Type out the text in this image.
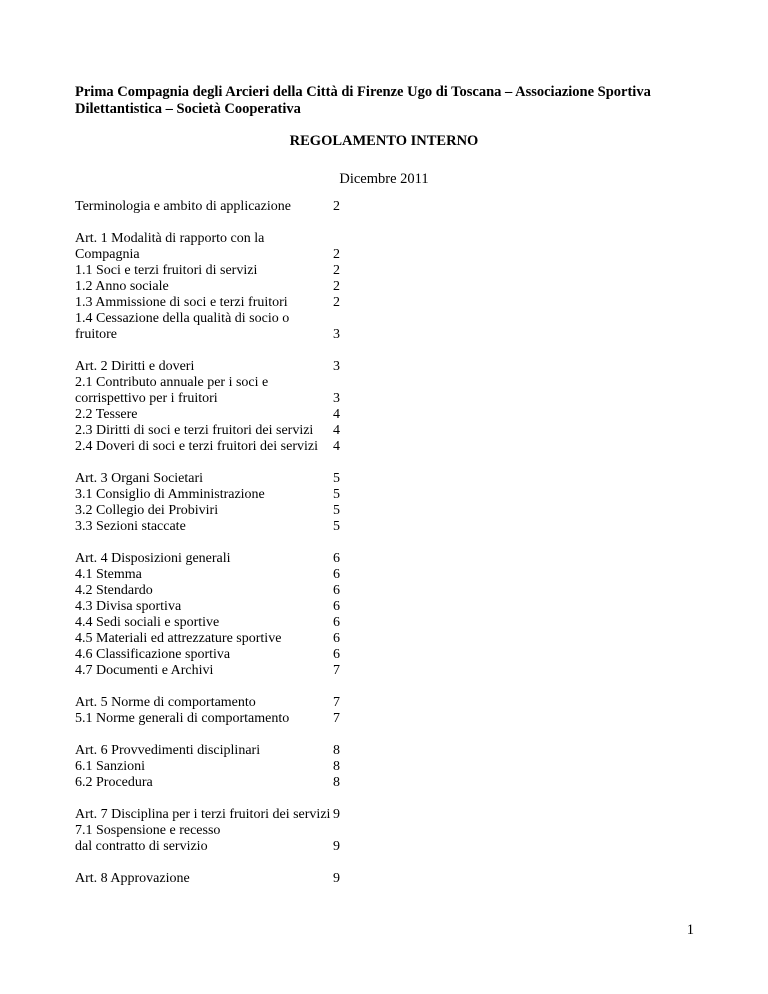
Prima Compagnia degli Arcieri della Città di Firenze Ugo di Toscana – Associazione Sportiva Dilettantistica – Società Cooperativa
REGOLAMENTO INTERNO
Dicembre 2011
Terminologia e ambito di applicazione	2
Art. 1 Modalità di rapporto con la
Compagnia	2
1.1 Soci e terzi fruitori di servizi	2
1.2 Anno sociale	2
1.3 Ammissione di soci e terzi fruitori	2
1.4 Cessazione della qualità di socio o fruitore	3
Art. 2 Diritti e doveri	3
2.1 Contributo annuale per i soci e
corrispettivo per i fruitori	3
2.2 Tessere	4
2.3 Diritti di soci e terzi fruitori dei servizi	4
2.4 Doveri di soci e terzi fruitori dei servizi	4
Art. 3 Organi Societari	5
3.1 Consiglio di Amministrazione	5
3.2 Collegio dei Probiviri	5
3.3 Sezioni staccate	5
Art. 4 Disposizioni generali	6
4.1 Stemma	6
4.2 Stendardo	6
4.3 Divisa sportiva	6
4.4 Sedi sociali e sportive	6
4.5 Materiali ed attrezzature sportive	6
4.6 Classificazione sportiva	6
4.7 Documenti e Archivi	7
Art. 5 Norme di comportamento	7
5.1 Norme generali di comportamento	7
Art. 6 Provvedimenti disciplinari	8
6.1 Sanzioni	8
6.2 Procedura	8
Art. 7 Disciplina per i terzi fruitori dei servizi 9
7.1 Sospensione e recesso
dal contratto di servizio	9
Art. 8 Approvazione	9
1
